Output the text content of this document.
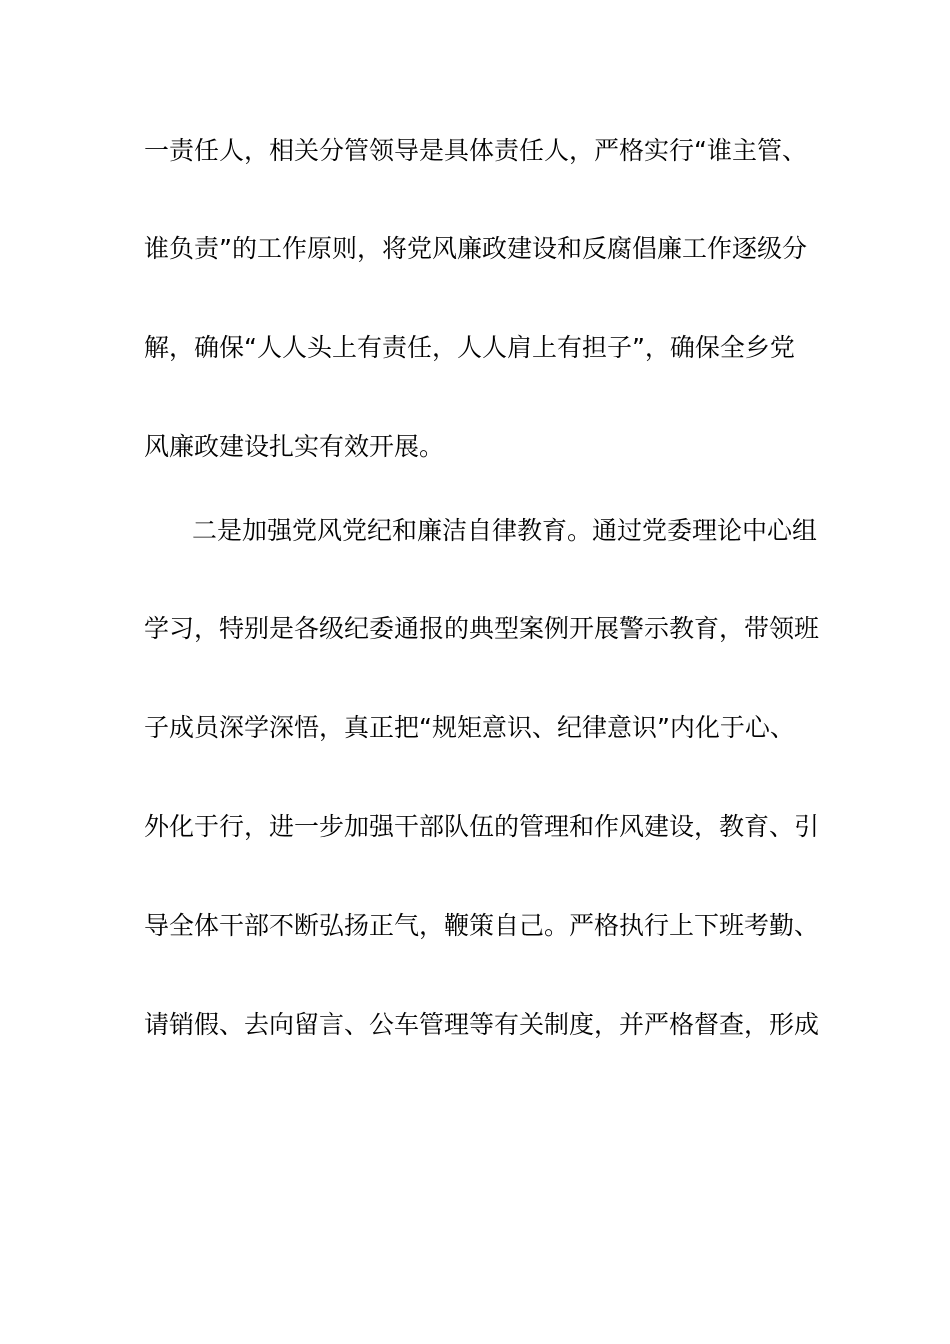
一责任人，相关分管领导是具体责任人，严格实行“谁主管、
谁负责”的工作原则，将党风廉政建设和反腐倡廉工作逐级分
解，确保“人人头上有责任，人人肩上有担子”，确保全乡党
风廉政建设扎实有效开展。
二是加强党风党纪和廉洁自律教育。通过党委理论中心组
学习，特别是各级纪委通报的典型案例开展警示教育，带领班
子成员深学深悟，真正把“规矩意识、纪律意识”内化于心、
外化于行，进一步加强干部队伍的管理和作风建设，教育、引
导全体干部不断弘扬正气，鞭策自己。严格执行上下班考勤、
请销假、去向留言、公车管理等有关制度，并严格督查，形成
